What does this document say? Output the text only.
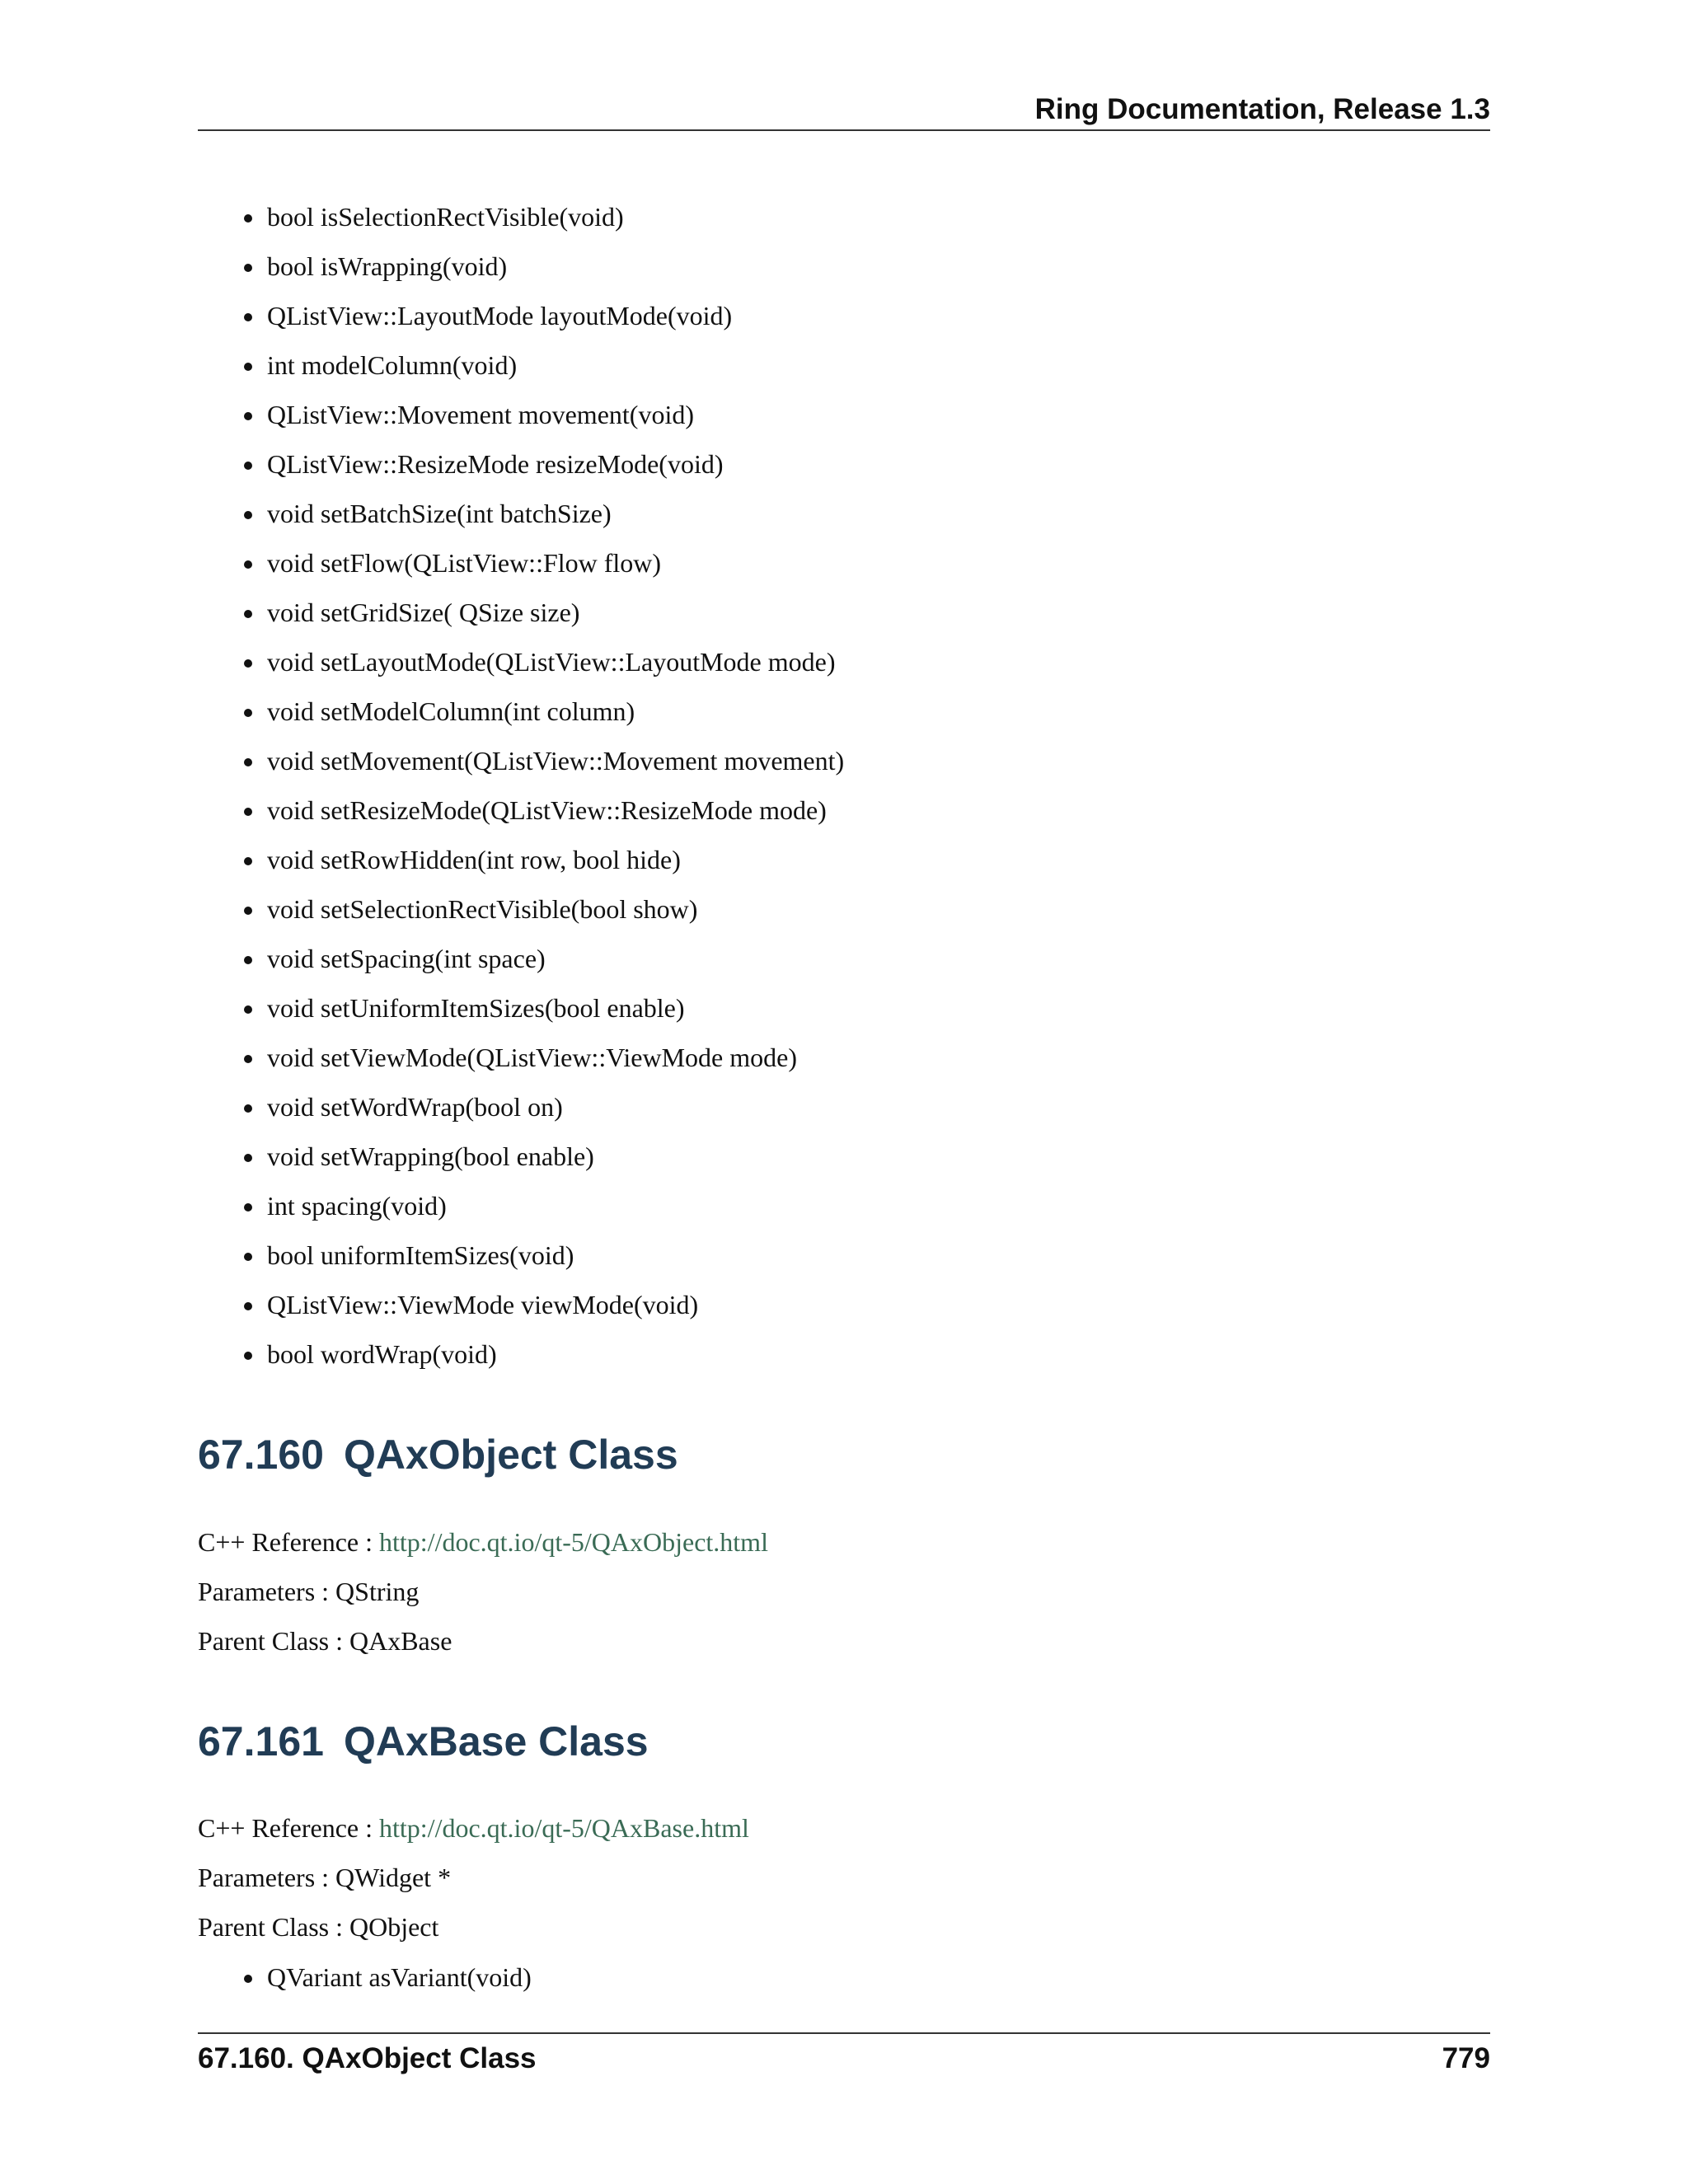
Ring Documentation, Release 1.3
bool isSelectionRectVisible(void)
bool isWrapping(void)
QListView::LayoutMode layoutMode(void)
int modelColumn(void)
QListView::Movement movement(void)
QListView::ResizeMode resizeMode(void)
void setBatchSize(int batchSize)
void setFlow(QListView::Flow flow)
void setGridSize( QSize size)
void setLayoutMode(QListView::LayoutMode mode)
void setModelColumn(int column)
void setMovement(QListView::Movement movement)
void setResizeMode(QListView::ResizeMode mode)
void setRowHidden(int row, bool hide)
void setSelectionRectVisible(bool show)
void setSpacing(int space)
void setUniformItemSizes(bool enable)
void setViewMode(QListView::ViewMode mode)
void setWordWrap(bool on)
void setWrapping(bool enable)
int spacing(void)
bool uniformItemSizes(void)
QListView::ViewMode viewMode(void)
bool wordWrap(void)
67.160 QAxObject Class
C++ Reference : http://doc.qt.io/qt-5/QAxObject.html
Parameters : QString
Parent Class : QAxBase
67.161 QAxBase Class
C++ Reference : http://doc.qt.io/qt-5/QAxBase.html
Parameters : QWidget *
Parent Class : QObject
QVariant asVariant(void)
67.160. QAxObject Class	779
